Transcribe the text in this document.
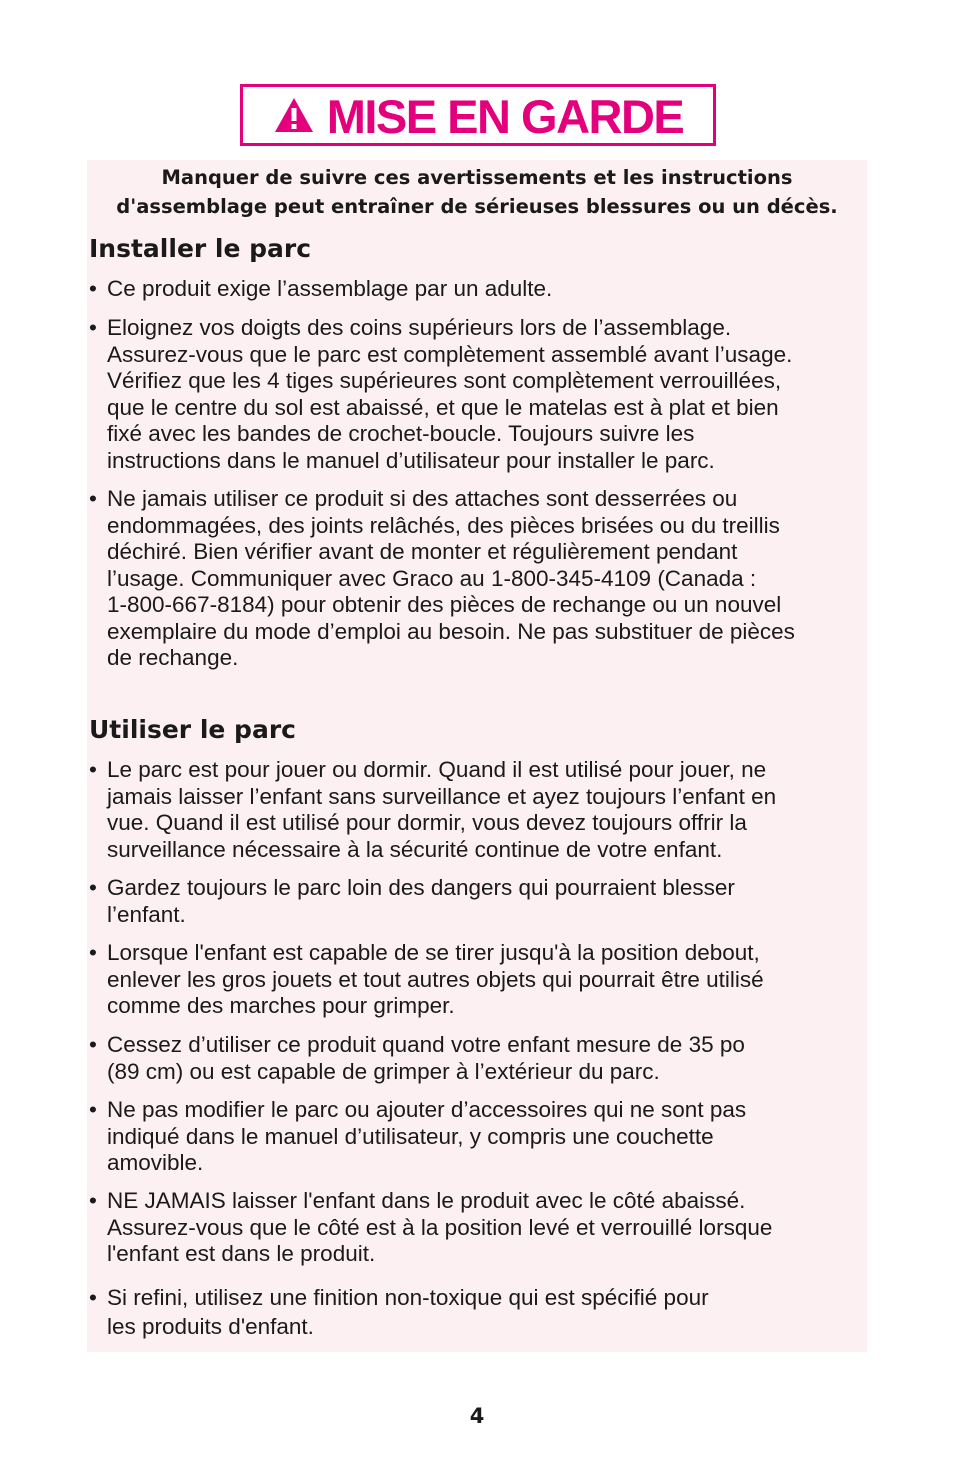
MISE EN GARDE
Manquer de suivre ces avertissements et les instructions
d'assemblage peut entraîner de sérieuses blessures ou un décès.
Installer le parc
• Ce produit exige l’assemblage par un adulte.
• Eloignez vos doigts des coins supérieurs lors de l’assemblage.
Assurez-vous que le parc est complètement assemblé avant l’usage.
Vérifiez que les 4 tiges supérieures sont complètement verrouillées,
que le centre du sol est abaissé, et que le matelas est à plat et bien
fixé avec les bandes de crochet-boucle. Toujours suivre les
instructions dans le manuel d’utilisateur pour installer le parc.
• Ne jamais utiliser ce produit si des attaches sont desserrées ou
endommagées, des joints relâchés, des pièces brisées ou du treillis
déchiré. Bien vérifier avant de monter et régulièrement pendant
l’usage. Communiquer avec Graco au 1-800-345-4109 (Canada :
1-800-667-8184) pour obtenir des pièces de rechange ou un nouvel
exemplaire du mode d’emploi au besoin. Ne pas substituer de pièces
de rechange.
Utiliser le parc
• Le parc est pour jouer ou dormir. Quand il est utilisé pour jouer, ne
jamais laisser l’enfant sans surveillance et ayez toujours l’enfant en
vue. Quand il est utilisé pour dormir, vous devez toujours offrir la
surveillance nécessaire à la sécurité continue de votre enfant.
• Gardez toujours le parc loin des dangers qui pourraient blesser
l’enfant.
• Lorsque l'enfant est capable de se tirer jusqu'à la position debout,
enlever les gros jouets et tout autres objets qui pourrait être utilisé
comme des marches pour grimper.
• Cessez d’utiliser ce produit quand votre enfant mesure de 35 po
(89 cm) ou est capable de grimper à l’extérieur du parc.
• Ne pas modifier le parc ou ajouter d’accessoires qui ne sont pas
indiqué dans le manuel d’utilisateur, y compris une couchette
amovible.
• NE JAMAIS laisser l'enfant dans le produit avec le côté abaissé.
Assurez-vous que le côté est à la position levé et verrouillé lorsque
l'enfant est dans le produit.
• Si refini, utilisez une finition non-toxique qui est spécifié pour
les produits d'enfant.
4
